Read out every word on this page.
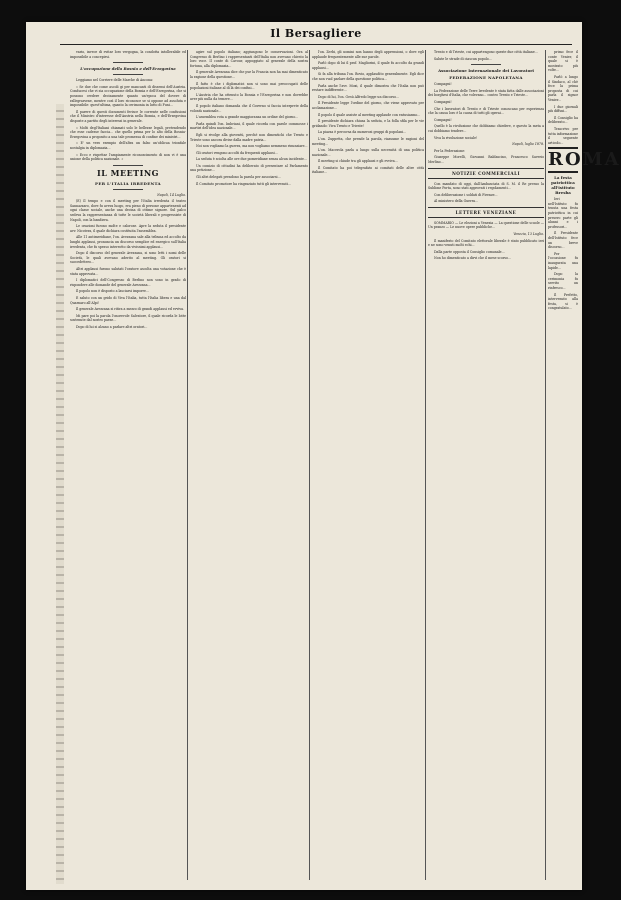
Il Bersagliere

vario, invece di evitar loro vergogna, la condotta intollerabile ed impossibile a concepirsi.

L'occupazione della Bosnia e dell'Erzegovina

Leggiamo nel Corriere delle Marche di Ancona:

« Se due che come ascoli gi per mancanti di dissensi dell'Austria. Conducesi che vi sia occupazione della Bosnia e dell'Erzegovina, che si possono credere decisamente quanto un'epoca del dovere di rallegrarsene, mentre così il loro riconosce se si oppone ad assoluta e impossibile: quest'ultima, quanto la cerimonia in lutto di Funi...

Il parere di questi documenti ferisce le corrente nelle confusioni che il Ministro d'interesse dell'Austria nella Bosnia, e dell'Erzegovina disposte a partito degli interessi in generale.

« Molti degl'Italiani chiamati solo le bellezze legali, pretendendo che esse cadesse faccia... che quello prima per lo alto della Bosnia-Erzegovina a proposito a una tale promessa di confine dei ministri...

« E' un vero esempio dell'altra un falso un'oblicua trionfale nostalgia in diplomazia...

« Ecco e rispettar l'ampiamente riconoscimento di non vi è una unione della politica nazionale. »

IL MEETING
PER L'ITALIA IRREDENTA

Napoli, 14 Luglio.

(E) Il tempo e con il meeting per l'Italia irredenta il teatro Sannazzaro, dove fu aveva luogo, era pieno di persone appartenenti ad ogni classe sociale, anche una decina di ottime signore. Sul palco sedeva la rappresentanza di tutte le società liberali e progressiste di Napoli, con la bandiera.

Le orazioni furono molte e calorose. Apre la seduta il presidente avv. Nicotera, il quale dichiara costituita l'assemblea.

Alle 11 antimeridiane, l'on. Avezzana sale alla tribuna ed accolto da lunghi applausi, pronuncia un discorso semplice ed energico sull'Italia irredenta, che fu spesso interrotto da vivissimi applausi...

Dopo il discorso del generale Avezzana, si sono letti i nomi delle Società, le quali avevano aderito al meeting. Gli oratori si succedettero...

Altri applausi furono salutati l'oratore ascolta una votazione che è stata approvata...

I diplomatici dell'Congresso di Berlino non sono in grado di rispondere alle domande del generale Avezzana...

Il popolo non è disposto a lasciarsi imporre...

E saluto con un grido di Viva l'Italia, tutta l'Italia libera e una dal Quarnaro all'Alpi!

Il generale Avezzana si ritira a mezzo di grandi applausi ed evviva.

Mi pare poi la parola l'onorevole Salvatore, il quale ricorda le lotte sostenute dal nostro paese...

Dopo di lui si alzano a parlare altri oratori...

agire sul popolo italiano; aggiungono le conservazioni. Ora al Congresso di Berlino i rappresentanti dell'Italia non avevano chiesto la loro voce. Il conte di Cavour, appoggiato al generale della nostra fortuna, alla diplomazia...

Il generale Avezzana dice che pur la Francia non ha mai dimenticato la ragione della questione...

Il fatto è che i diplomatici non si sono mai preoccupati delle popolazioni italiane al di là dei confini...

L'Austria che ha ottenuto la Bosnia e l'Erzegovina e non dovrebbe aver più nulla da temere...

Il popolo italiano domanda che il Governo si faccia interprete della volontà nazionale...

L'assemblea vota a grande maggioranza un ordine del giorno...

Parla quindi l'on. Imbriani, il quale ricorda con parole commosse i martiri dell'idea nazionale...

Egli si rivolge alla gioventù, perchè non dimentichi che Trento e Trieste sono ancora divise dalla madre patria...

Noi non vogliamo la guerra, ma non vogliamo nemmeno rinunziare...

Gli oratori vengono accolti da frequenti applausi...

La seduta è sciolta alle ore due pomeridiane senza alcun incidente...

Un comizio di cittadini ha deliberato di presentare al Parlamento una petizione...

Gli altri delegati prendono la parola per associarsi...

Il Comitato promotore ha ringraziato tutti gli intervenuti...

l'on. Zerbi, gli uomini non hanno degli apprensioni, o dove egli applaude frequentemente alle sue parole.

Parlò dopo di lui il prof. Magliorini, il quale fu accolto da grandi applausi...

Si fa alla tribuna l'on. Bovio, applaudito generalmente. Egli dice che non vuol parlare della questione politica...

Parla anche l'avv. Moxi, il quale dimostra che l'Italia non può restare indifferente...

Dopo di lui, l'on. Gesù Alfredo legge un discorso...

Il Presidente legge l'ordine del giorno, che viene approvato per acclamazione...

Il popolo il quale assiste al meeting applaude con entusiasmo...

Il presidente dichiara chiusa la seduta, e la folla sfila per le vie gridando: Viva Trento e Trieste!

La piazza è percorsa da numerosi gruppi di popolani...

L'on. Zuppetta, che prende la parola, riassume le ragioni del meeting...

L'on. Macerola parla a lungo sulla necessità di una politica nazionale...

Il meeting si chiude tra gli applausi e gli evviva...

Il Comitato ha poi telegrafato ai comitati delle altre città italiane...

Trento e di Trieste, cui appartengono queste due città italiane...

Salute le strade di ciascun popolo...

Associazione Internazionale dei Lavoratori
FEDERAZIONE NAPOLETANA

Compagni!

La Federazione delle Terre Irredente è stata fatta dalle associazioni dei borghesi d'Italia, che volevano... contro Trento e Trieste...

Compagni!

Che i lavoratori di Trento e di Trieste conoscano per esperienza che la causa loro è la causa di tutti gli operai...

Compagni!

Quello è la rivoluzione che dobbiamo chiedere, e questo la meta a cui dobbiamo tendere...

Viva la rivoluzione sociale!

Napoli, luglio 1878.

Per la Federazione:

Giuseppe Morelli, Giovanni Baldascino, Francesco Saverio Merlino...

NOTIZIE COMMERCIALI

Con mandato di oggi, dall'Ambasciata di S. M. il Re presso la Sublime Porta, sono stati approvati i regolamenti...

Con deliberazione i soldati di Firenze...

Al ministero della Guerra...

LETTERE VENEZIANE

SOMMARIO — Le elezioni a Venezia — La questione delle scuole — Un pranzo — Le nuove opere pubbliche...

Venezia, 13 Luglio.

Il manifesto del Comitato elettorale liberale è stato pubblicato ieri e ne sono venuti molti echi...

Dalla parte opposta il Consiglio comunale...

Non ho dimenticato a dirvi che il mese scorso...

primo fece il conte Venier, il quale si è mostrato più volte...

Parlò a lungo il Sindaco, al chè fece la prima proposta di cui parla il signor Venier...

I due giornali più diffusi...

Il Consiglio ha deliberato...

Trascrivo per tutta informazione il seguente articolo...

ROMA
La festa patriottica all'istituto Bresba

Ieri nell'Istituto fu tenuta una festa patriottica in cui presero parte gli alunni e i professori...

Il Presidente dell'Istituto fece un breve discorso...

Per l'occasione fu inaugurata una lapide...

Dopo la cerimonia fu servito un rinfresco...

Il Prefetto, intervenuto alla festa, si è congratulato...
